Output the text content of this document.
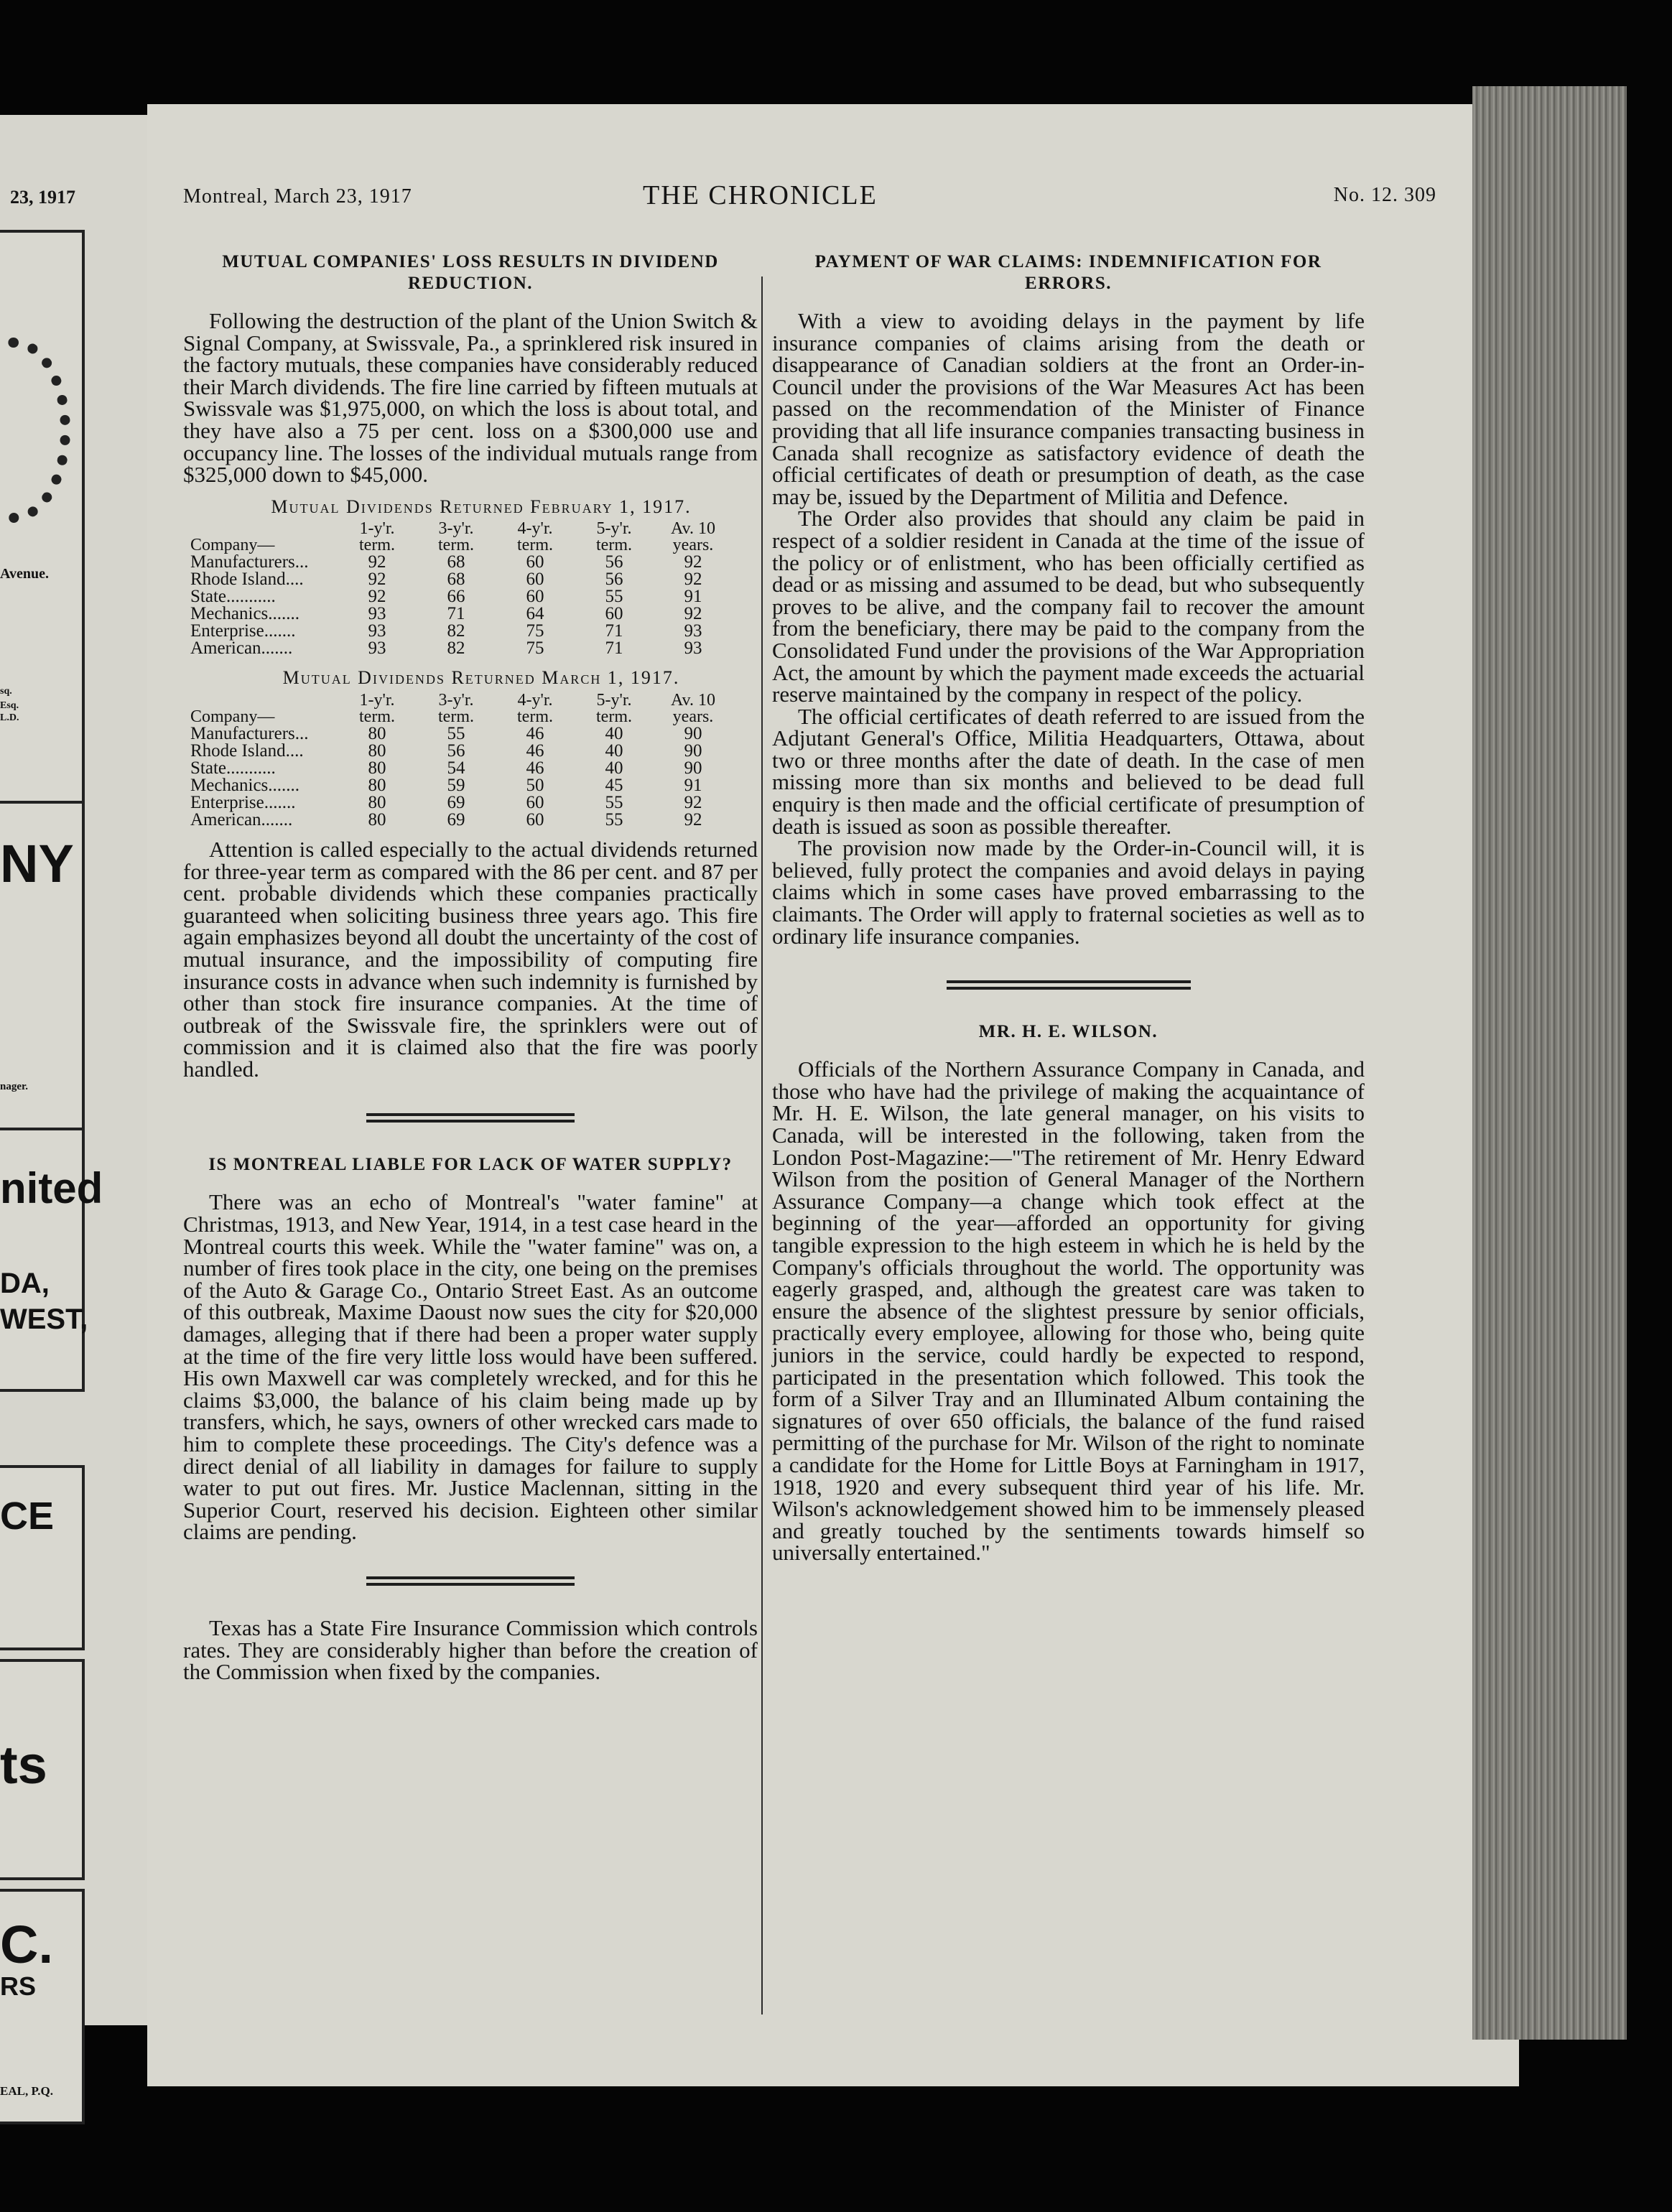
23, 1917
Avenue.
sq.
Esq.
L.D.
NY
nager.
nited
DA,
WEST,
CE
ts
C.
RS
EAL, P.Q.
Montreal, March 23, 1917	THE CHRONICLE	No. 12. 309
MUTUAL COMPANIES' LOSS RESULTS IN DIVIDEND REDUCTION.

Following the destruction of the plant of the Union Switch & Signal Company, at Swissvale, Pa., a sprinklered risk insured in the factory mutuals, these companies have considerably reduced their March dividends. The fire line carried by fifteen mutuals at Swissvale was $1,975,000, on which the loss is about total, and they have also a 75 per cent. loss on a $300,000 use and occupancy line. The losses of the individual mutuals range from $325,000 down to $45,000.

Mutual Dividends Returned February 1, 1917.
	1-y'r.	3-y'r.	4-y'r.	5-y'r.	Av. 10
Company—	term.	term.	term.	term.	years.
Manufacturers...	92	68	60	56	92
Rhode Island....	92	68	60	56	92
State...........	92	66	60	55	91
Mechanics.......	93	71	64	60	92
Enterprise.......	93	82	75	71	93
American.......	93	82	75	71	93
Mutual Dividends Returned March 1, 1917.
	1-y'r.	3-y'r.	4-y'r.	5-y'r.	Av. 10
Company—	term.	term.	term.	term.	years.
Manufacturers...	80	55	46	40	90
Rhode Island....	80	56	46	40	90
State...........	80	54	46	40	90
Mechanics.......	80	59	50	45	91
Enterprise.......	80	69	60	55	92
American.......	80	69	60	55	92

Attention is called especially to the actual dividends returned for three-year term as compared with the 86 per cent. and 87 per cent. probable dividends which these companies practically guaranteed when soliciting business three years ago. This fire again emphasizes beyond all doubt the uncertainty of the cost of mutual insurance, and the impossibility of computing fire insurance costs in advance when such indemnity is furnished by other than stock fire insurance companies. At the time of outbreak of the Swissvale fire, the sprinklers were out of commission and it is claimed also that the fire was poorly handled.

IS MONTREAL LIABLE FOR LACK OF WATER SUPPLY?

There was an echo of Montreal's "water famine" at Christmas, 1913, and New Year, 1914, in a test case heard in the Montreal courts this week. While the "water famine" was on, a number of fires took place in the city, one being on the premises of the Auto & Garage Co., Ontario Street East. As an outcome of this outbreak, Maxime Daoust now sues the city for $20,000 damages, alleging that if there had been a proper water supply at the time of the fire very little loss would have been suffered. His own Maxwell car was completely wrecked, and for this he claims $3,000, the balance of his claim being made up by transfers, which, he says, owners of other wrecked cars made to him to complete these proceedings. The City's defence was a direct denial of all liability in damages for failure to supply water to put out fires. Mr. Justice Maclennan, sitting in the Superior Court, reserved his decision. Eighteen other similar claims are pending.

Texas has a State Fire Insurance Commission which controls rates. They are considerably higher than before the creation of the Commission when fixed by the companies.

PAYMENT OF WAR CLAIMS: INDEMNIFICATION FOR ERRORS.

With a view to avoiding delays in the payment by life insurance companies of claims arising from the death or disappearance of Canadian soldiers at the front an Order-in-Council under the provisions of the War Measures Act has been passed on the recommendation of the Minister of Finance providing that all life insurance companies transacting business in Canada shall recognize as satisfactory evidence of death the official certificates of death or presumption of death, as the case may be, issued by the Department of Militia and Defence.

The Order also provides that should any claim be paid in respect of a soldier resident in Canada at the time of the issue of the policy or of enlistment, who has been officially certified as dead or as missing and assumed to be dead, but who subsequently proves to be alive, and the company fail to recover the amount from the beneficiary, there may be paid to the company from the Consolidated Fund under the provisions of the War Appropriation Act, the amount by which the payment made exceeds the actuarial reserve maintained by the company in respect of the policy.

The official certificates of death referred to are issued from the Adjutant General's Office, Militia Headquarters, Ottawa, about two or three months after the date of death. In the case of men missing more than six months and believed to be dead full enquiry is then made and the official certificate of presumption of death is issued as soon as possible thereafter.

The provision now made by the Order-in-Council will, it is believed, fully protect the companies and avoid delays in paying claims which in some cases have proved embarrassing to the claimants. The Order will apply to fraternal societies as well as to ordinary life insurance companies.

MR. H. E. WILSON.

Officials of the Northern Assurance Company in Canada, and those who have had the privilege of making the acquaintance of Mr. H. E. Wilson, the late general manager, on his visits to Canada, will be interested in the following, taken from the London Post-Magazine:—"The retirement of Mr. Henry Edward Wilson from the position of General Manager of the Northern Assurance Company—a change which took effect at the beginning of the year—afforded an opportunity for giving tangible expression to the high esteem in which he is held by the Company's officials throughout the world. The opportunity was eagerly grasped, and, although the greatest care was taken to ensure the absence of the slightest pressure by senior officials, practically every employee, allowing for those who, being quite juniors in the service, could hardly be expected to respond, participated in the presentation which followed. This took the form of a Silver Tray and an Illuminated Album containing the signatures of over 650 officials, the balance of the fund raised permitting of the purchase for Mr. Wilson of the right to nominate a candidate for the Home for Little Boys at Farningham in 1917, 1918, 1920 and every subsequent third year of his life. Mr. Wilson's acknowledgement showed him to be immensely pleased and greatly touched by the sentiments towards himself so universally entertained."
